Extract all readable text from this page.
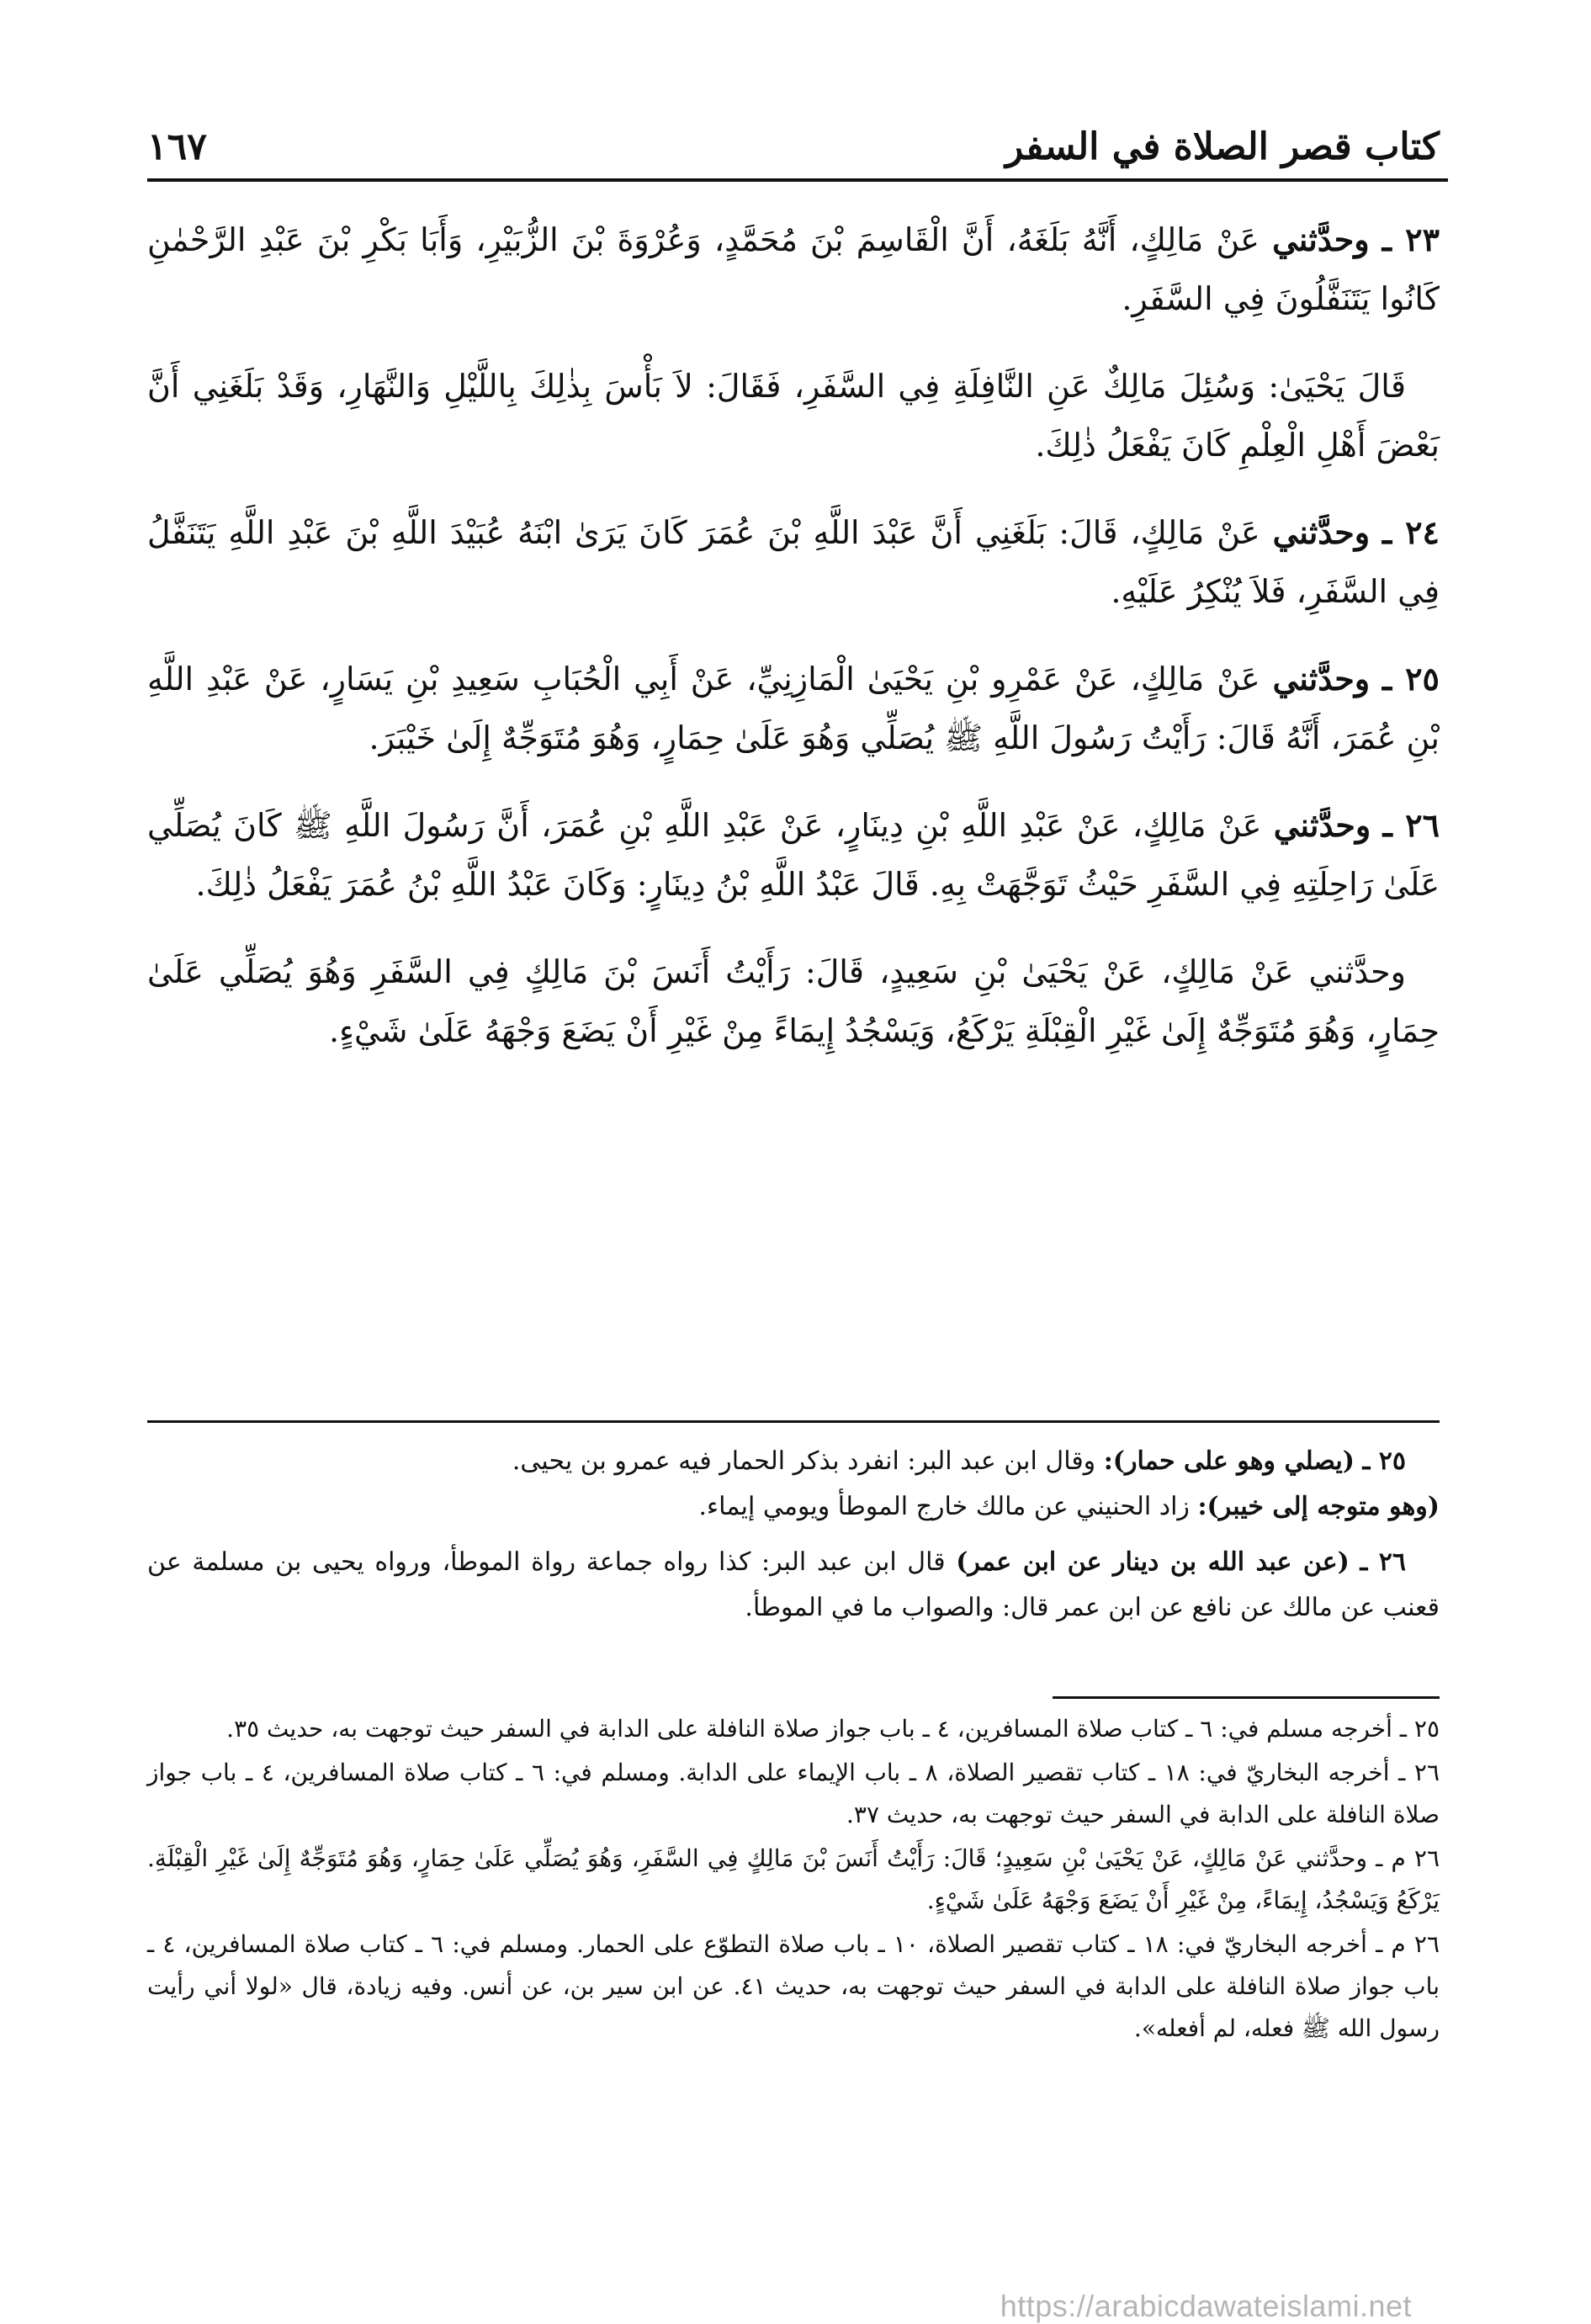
كتاب قصر الصلاة في السفر
١٦٧

٢٣ ـ وحدَّثني عَنْ مَالِكٍ، أَنَّهُ بَلَغَهُ، أَنَّ الْقَاسِمَ بْنَ مُحَمَّدٍ، وَعُرْوَةَ بْنَ الزُّبَيْرِ، وَأَبَا بَكْرِ بْنَ عَبْدِ الرَّحْمٰنِ كَانُوا يَتَنَفَّلُونَ فِي السَّفَرِ.

قَالَ يَحْيَىٰ: وَسُئِلَ مَالِكٌ عَنِ النَّافِلَةِ فِي السَّفَرِ، فَقَالَ: لاَ بَأْسَ بِذٰلِكَ بِاللَّيْلِ وَالنَّهَارِ، وَقَدْ بَلَغَنِي أَنَّ بَعْضَ أَهْلِ الْعِلْمِ كَانَ يَفْعَلُ ذٰلِكَ.

٢٤ ـ وحدَّثني عَنْ مَالِكٍ، قَالَ: بَلَغَنِي أَنَّ عَبْدَ اللَّهِ بْنَ عُمَرَ كَانَ يَرَىٰ ابْنَهُ عُبَيْدَ اللَّهِ بْنَ عَبْدِ اللَّهِ يَتَنَفَّلُ فِي السَّفَرِ، فَلاَ يُنْكِرُ عَلَيْهِ.

٢٥ ـ وحدَّثني عَنْ مَالِكٍ، عَنْ عَمْرِو بْنِ يَحْيَىٰ الْمَازِنِيِّ، عَنْ أَبِي الْحُبَابِ سَعِيدِ بْنِ يَسَارٍ، عَنْ عَبْدِ اللَّهِ بْنِ عُمَرَ، أَنَّهُ قَالَ: رَأَيْتُ رَسُولَ اللَّهِ ﷺ يُصَلِّي وَهُوَ عَلَىٰ حِمَارٍ، وَهُوَ مُتَوَجِّهٌ إِلَىٰ خَيْبَرَ.

٢٦ ـ وحدَّثني عَنْ مَالِكٍ، عَنْ عَبْدِ اللَّهِ بْنِ دِينَارٍ، عَنْ عَبْدِ اللَّهِ بْنِ عُمَرَ، أَنَّ رَسُولَ اللَّهِ ﷺ كَانَ يُصَلِّي عَلَىٰ رَاحِلَتِهِ فِي السَّفَرِ حَيْثُ تَوَجَّهَتْ بِهِ. قَالَ عَبْدُ اللَّهِ بْنُ دِينَارٍ: وَكَانَ عَبْدُ اللَّهِ بْنُ عُمَرَ يَفْعَلُ ذٰلِكَ.

وحدَّثني عَنْ مَالِكٍ، عَنْ يَحْيَىٰ بْنِ سَعِيدٍ، قَالَ: رَأَيْتُ أَنَسَ بْنَ مَالِكٍ فِي السَّفَرِ وَهُوَ يُصَلِّي عَلَىٰ حِمَارٍ، وَهُوَ مُتَوَجِّهٌ إِلَىٰ غَيْرِ الْقِبْلَةِ يَرْكَعُ، وَيَسْجُدُ إِيمَاءً مِنْ غَيْرِ أَنْ يَضَعَ وَجْهَهُ عَلَىٰ شَيْءٍ.

٢٥ ـ (يصلي وهو على حمار): وقال ابن عبد البر: انفرد بذكر الحمار فيه عمرو بن يحيى.
(وهو متوجه إلى خيبر): زاد الحنيني عن مالك خارج الموطأ ويومي إيماء.

٢٦ ـ (عن عبد الله بن دينار عن ابن عمر) قال ابن عبد البر: كذا رواه جماعة رواة الموطأ، ورواه يحيى بن مسلمة عن قعنب عن مالك عن نافع عن ابن عمر قال: والصواب ما في الموطأ.

٢٥ ـ أخرجه مسلم في: ٦ ـ كتاب صلاة المسافرين، ٤ ـ باب جواز صلاة النافلة على الدابة في السفر حيث توجهت به، حديث ٣٥.

٢٦ ـ أخرجه البخاريّ في: ١٨ ـ كتاب تقصير الصلاة، ٨ ـ باب الإيماء على الدابة. ومسلم في: ٦ ـ كتاب صلاة المسافرين، ٤ ـ باب جواز صلاة النافلة على الدابة في السفر حيث توجهت به، حديث ٣٧.

٢٦ م ـ وحدَّثني عَنْ مَالِكٍ، عَنْ يَحْيَىٰ بْنِ سَعِيدٍ؛ قَالَ: رَأَيْتُ أَنَسَ بْنَ مَالِكٍ فِي السَّفَرِ، وَهُوَ يُصَلِّي عَلَىٰ حِمَارٍ، وَهُوَ مُتَوَجِّهٌ إِلَىٰ غَيْرِ الْقِبْلَةِ. يَرْكَعُ وَيَسْجُدُ، إِيمَاءً، مِنْ غَيْرِ أَنْ يَضَعَ وَجْهَهُ عَلَىٰ شَيْءٍ.

٢٦ م ـ أخرجه البخاريّ في: ١٨ ـ كتاب تقصير الصلاة، ١٠ ـ باب صلاة التطوّع على الحمار. ومسلم في: ٦ ـ كتاب صلاة المسافرين، ٤ ـ باب جواز صلاة النافلة على الدابة في السفر حيث توجهت به، حديث ٤١. عن ابن سير بن، عن أنس. وفيه زيادة، قال «لولا أني رأيت رسول الله ﷺ فعله، لم أفعله».

https://arabicdawateislami.net
